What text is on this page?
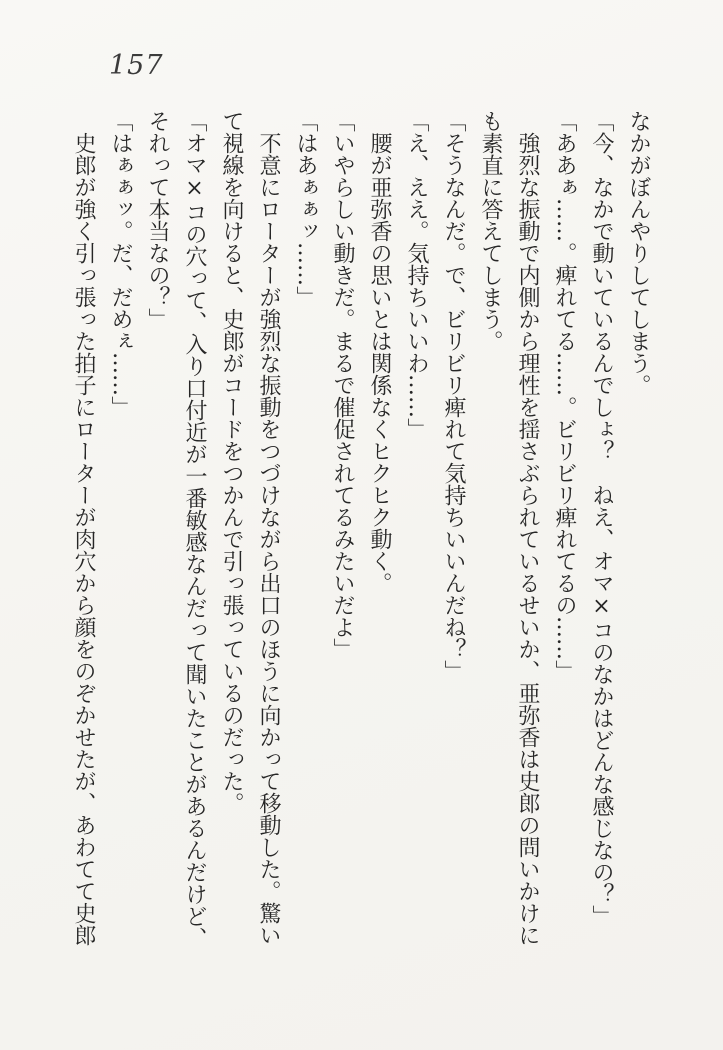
157
なかがぼんやりしてしまう。
「今、なかで動いているんでしょ？　ねえ、オマ×コのなかはどんな感じなの？」
「ああぁ……。痺れてる……。ビリビリ痺れてるの……」
　強烈な振動で内側から理性を揺さぶられているせいか、亜弥香は史郎の問いかけに
も素直に答えてしまう。
「そうなんだ。で、ビリビリ痺れて気持ちいいんだね？」
「え、ええ。気持ちいいわ……」
　腰が亜弥香の思いとは関係なくヒクヒク動く。
「いやらしい動きだ。まるで催促されてるみたいだよ」
「はあぁぁッ……」
　不意にローターが強烈な振動をつづけながら出口のほうに向かって移動した。驚い
て視線を向けると、史郎がコードをつかんで引っ張っているのだった。
「オマ×コの穴って、入り口付近が一番敏感なんだって聞いたことがあるんだけど、
それって本当なの？」
「はぁぁッ。だ、だめぇ……」
　史郎が強く引っ張った拍子にローターが肉穴から顔をのぞかせたが、あわてて史郎
